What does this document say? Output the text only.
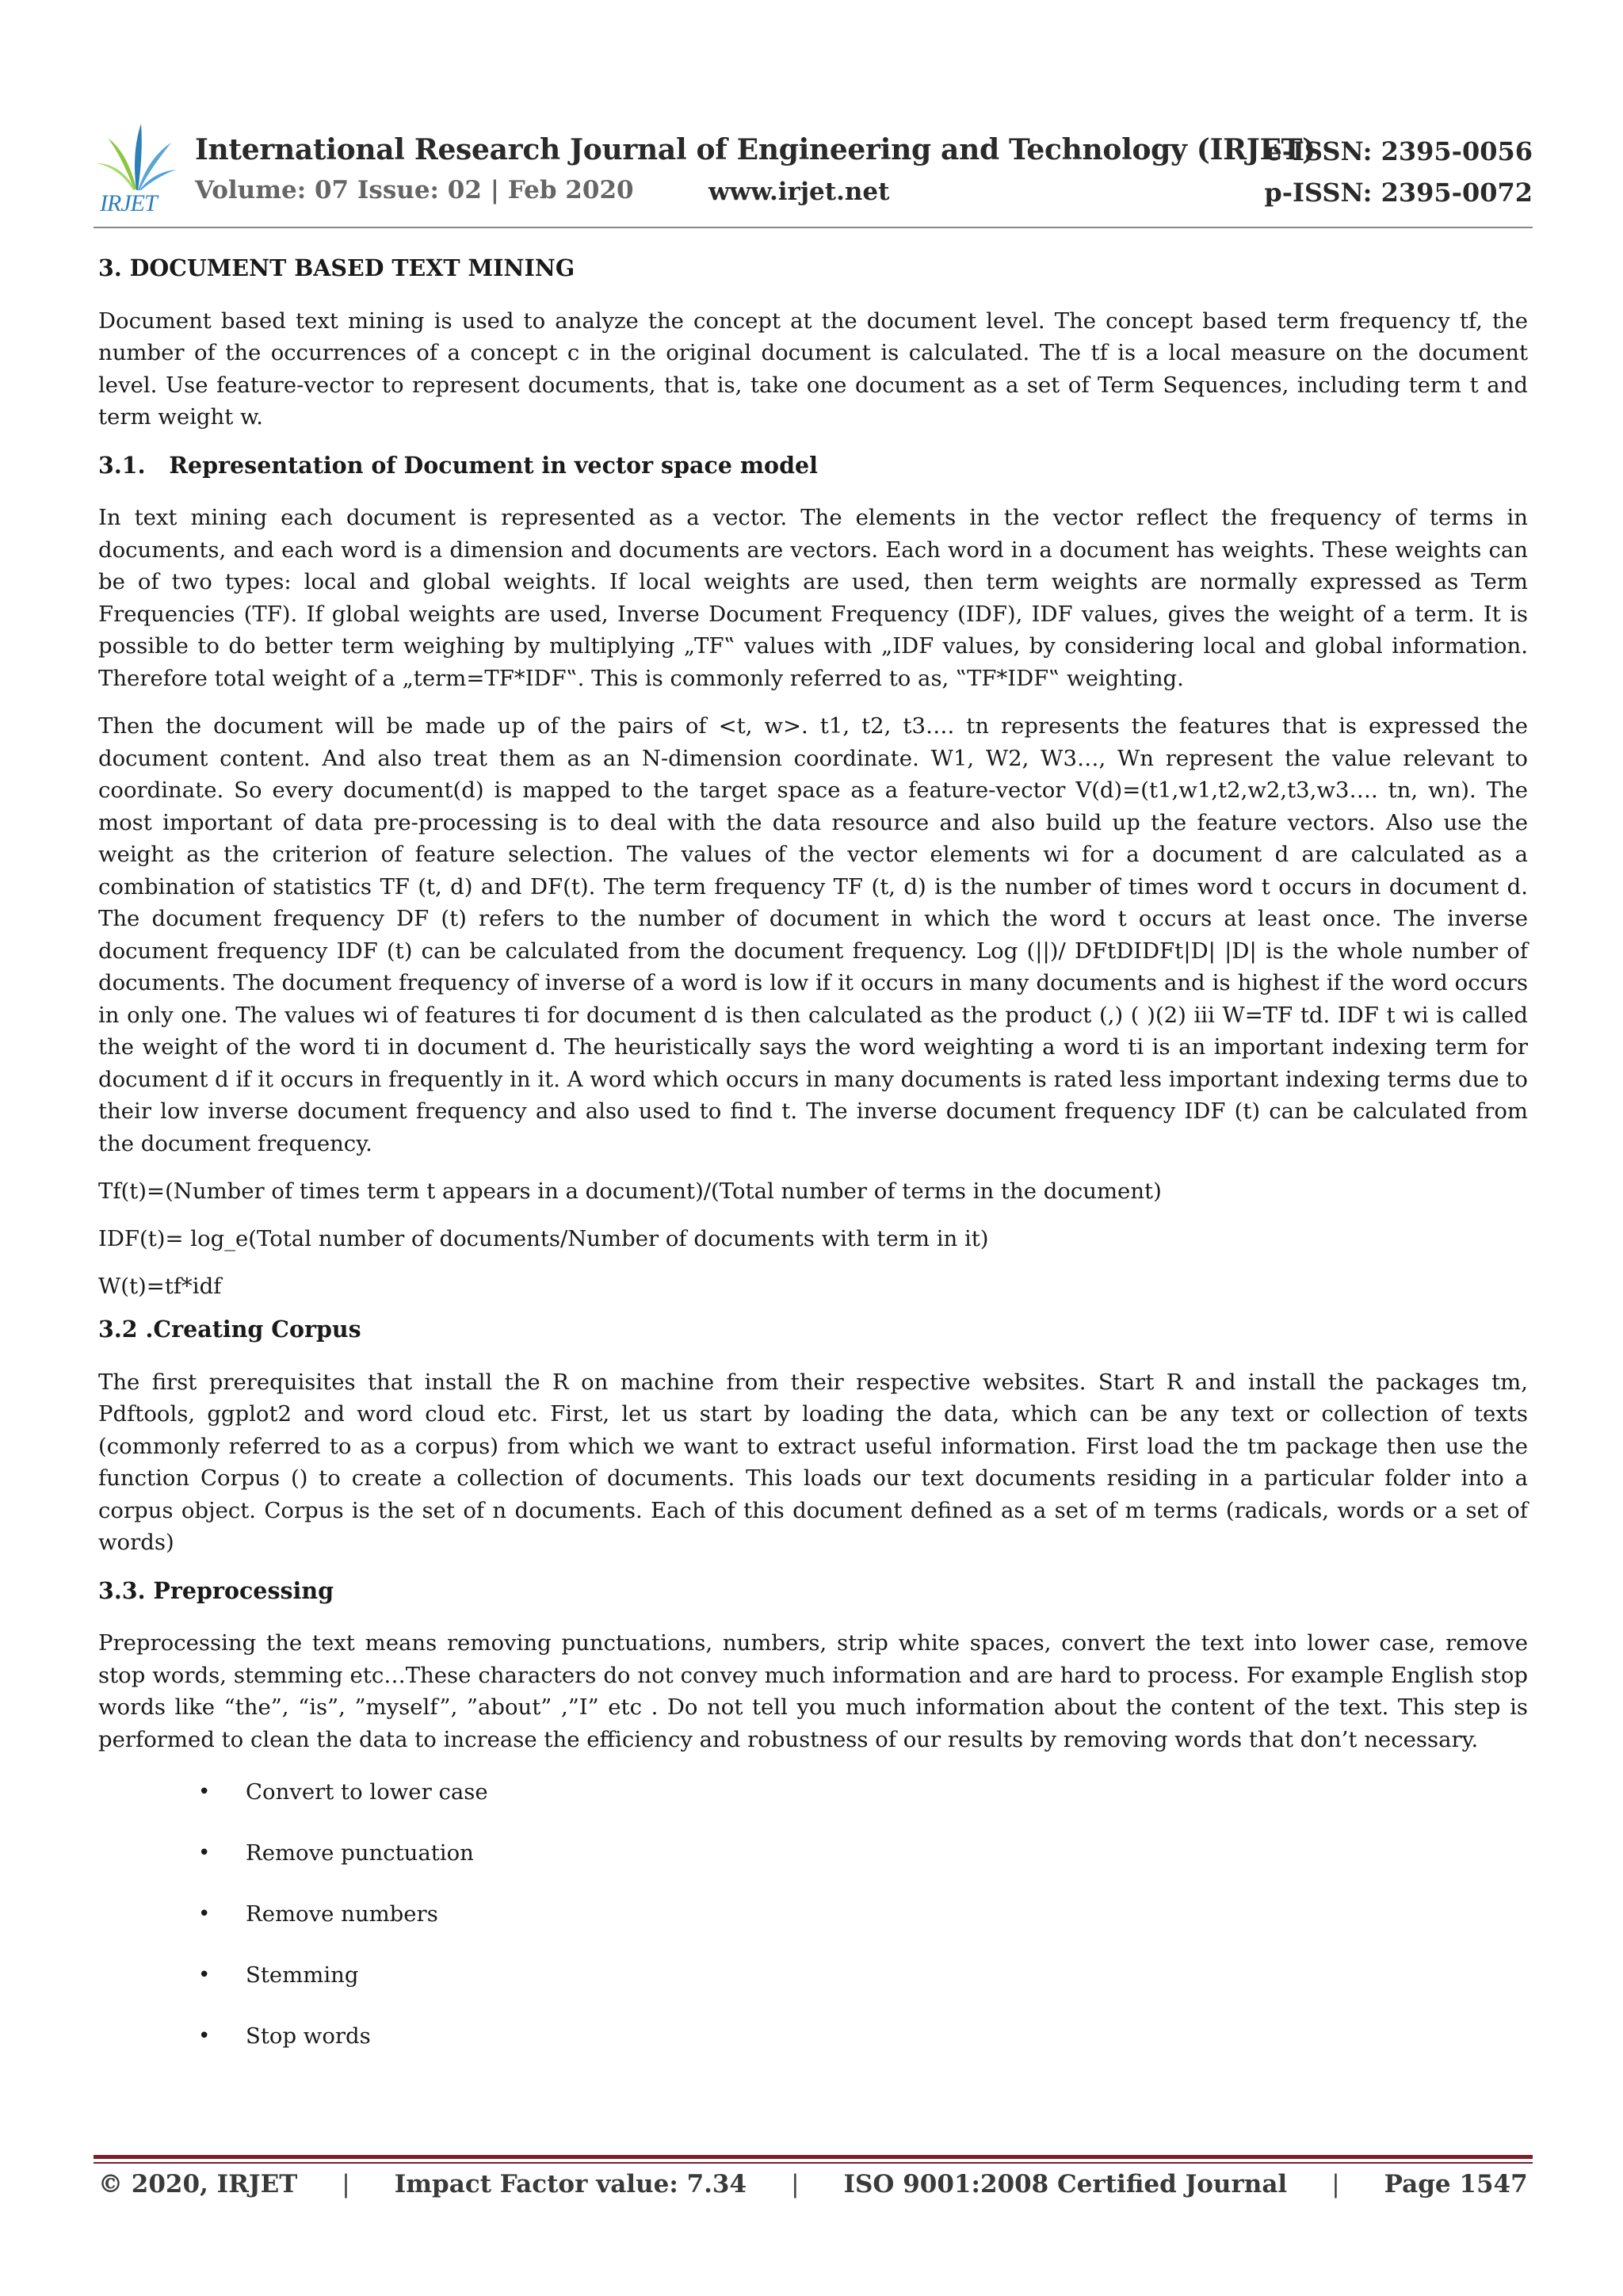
IRJET
International Research Journal of Engineering and Technology (IRJET)
e-ISSN: 2395-0056
Volume: 07 Issue: 02 | Feb 2020	www.irjet.net	p-ISSN: 2395-0072
3. DOCUMENT BASED TEXT MINING

Document based text mining is used to analyze the concept at the document level. The concept based term frequency tf, the number of the occurrences of a concept c in the original document is calculated. The tf is a local measure on the document level. Use feature-vector to represent documents, that is, take one document as a set of Term Sequences, including term t and term weight w.

3.1.   Representation of Document in vector space model

In text mining each document is represented as a vector. The elements in the vector reflect the frequency of terms in documents, and each word is a dimension and documents are vectors. Each word in a document has weights. These weights can be of two types: local and global weights. If local weights are used, then term weights are normally expressed as Term Frequencies (TF). If global weights are used, Inverse Document Frequency (IDF), IDF values, gives the weight of a term. It is possible to do better term weighing by multiplying „TF‟ values with „IDF values, by considering local and global information. Therefore total weight of a „term=TF*IDF‟. This is commonly referred to as, ‟TF*IDF‟ weighting.

Then the document will be made up of the pairs of <t, w>. t1, t2, t3…. tn represents the features that is expressed the document content. And also treat them as an N-dimension coordinate. W1, W2, W3…, Wn represent the value relevant to coordinate. So every document(d) is mapped to the target space as a feature-vector V(d)=(t1,w1,t2,w2,t3,w3…. tn, wn). The most important of data pre-processing is to deal with the data resource and also build up the feature vectors. Also use the weight as the criterion of feature selection. The values of the vector elements wi for a document d are calculated as a combination of statistics TF (t, d) and DF(t). The term frequency TF (t, d) is the number of times word t occurs in document d. The document frequency DF (t) refers to the number of document in which the word t occurs at least once. The inverse document frequency IDF (t) can be calculated from the document frequency. Log (||)/ DFtDIDFt|D| |D| is the whole number of documents. The document frequency of inverse of a word is low if it occurs in many documents and is highest if the word occurs in only one. The values wi of features ti for document d is then calculated as the product (,) ( )(2) iii W=TF td. IDF t wi is called the weight of the word ti in document d. The heuristically says the word weighting a word ti is an important indexing term for document d if it occurs in frequently in it. A word which occurs in many documents is rated less important indexing terms due to their low inverse document frequency and also used to find t. The inverse document frequency IDF (t) can be calculated from the document frequency.

Tf(t)=(Number of times term t appears in a document)/(Total number of terms in the document)

IDF(t)= log_e(Total number of documents/Number of documents with term in it)

W(t)=tf*idf

3.2 .Creating Corpus

The first prerequisites that install the R on machine from their respective websites. Start R and install the packages tm, Pdftools, ggplot2 and word cloud etc. First, let us start by loading the data, which can be any text or collection of texts (commonly referred to as a corpus) from which we want to extract useful information. First load the tm package then use the function Corpus () to create a collection of documents. This loads our text documents residing in a particular folder into a corpus object. Corpus is the set of n documents. Each of this document defined as a set of m terms (radicals, words or a set of words)

3.3. Preprocessing

Preprocessing the text means removing punctuations, numbers, strip white spaces, convert the text into lower case, remove stop words, stemming etc…These characters do not convey much information and are hard to process. For example English stop words like “the”, “is”, ”myself”, ”about” ,”I” etc . Do not tell you much information about the content of the text. This step is performed to clean the data to increase the efficiency and robustness of our results by removing words that don’t necessary.

• Convert to lower case
• Remove punctuation
• Remove numbers
• Stemming
• Stop words
© 2020, IRJET | Impact Factor value: 7.34 | ISO 9001:2008 Certified Journal | Page 1547
